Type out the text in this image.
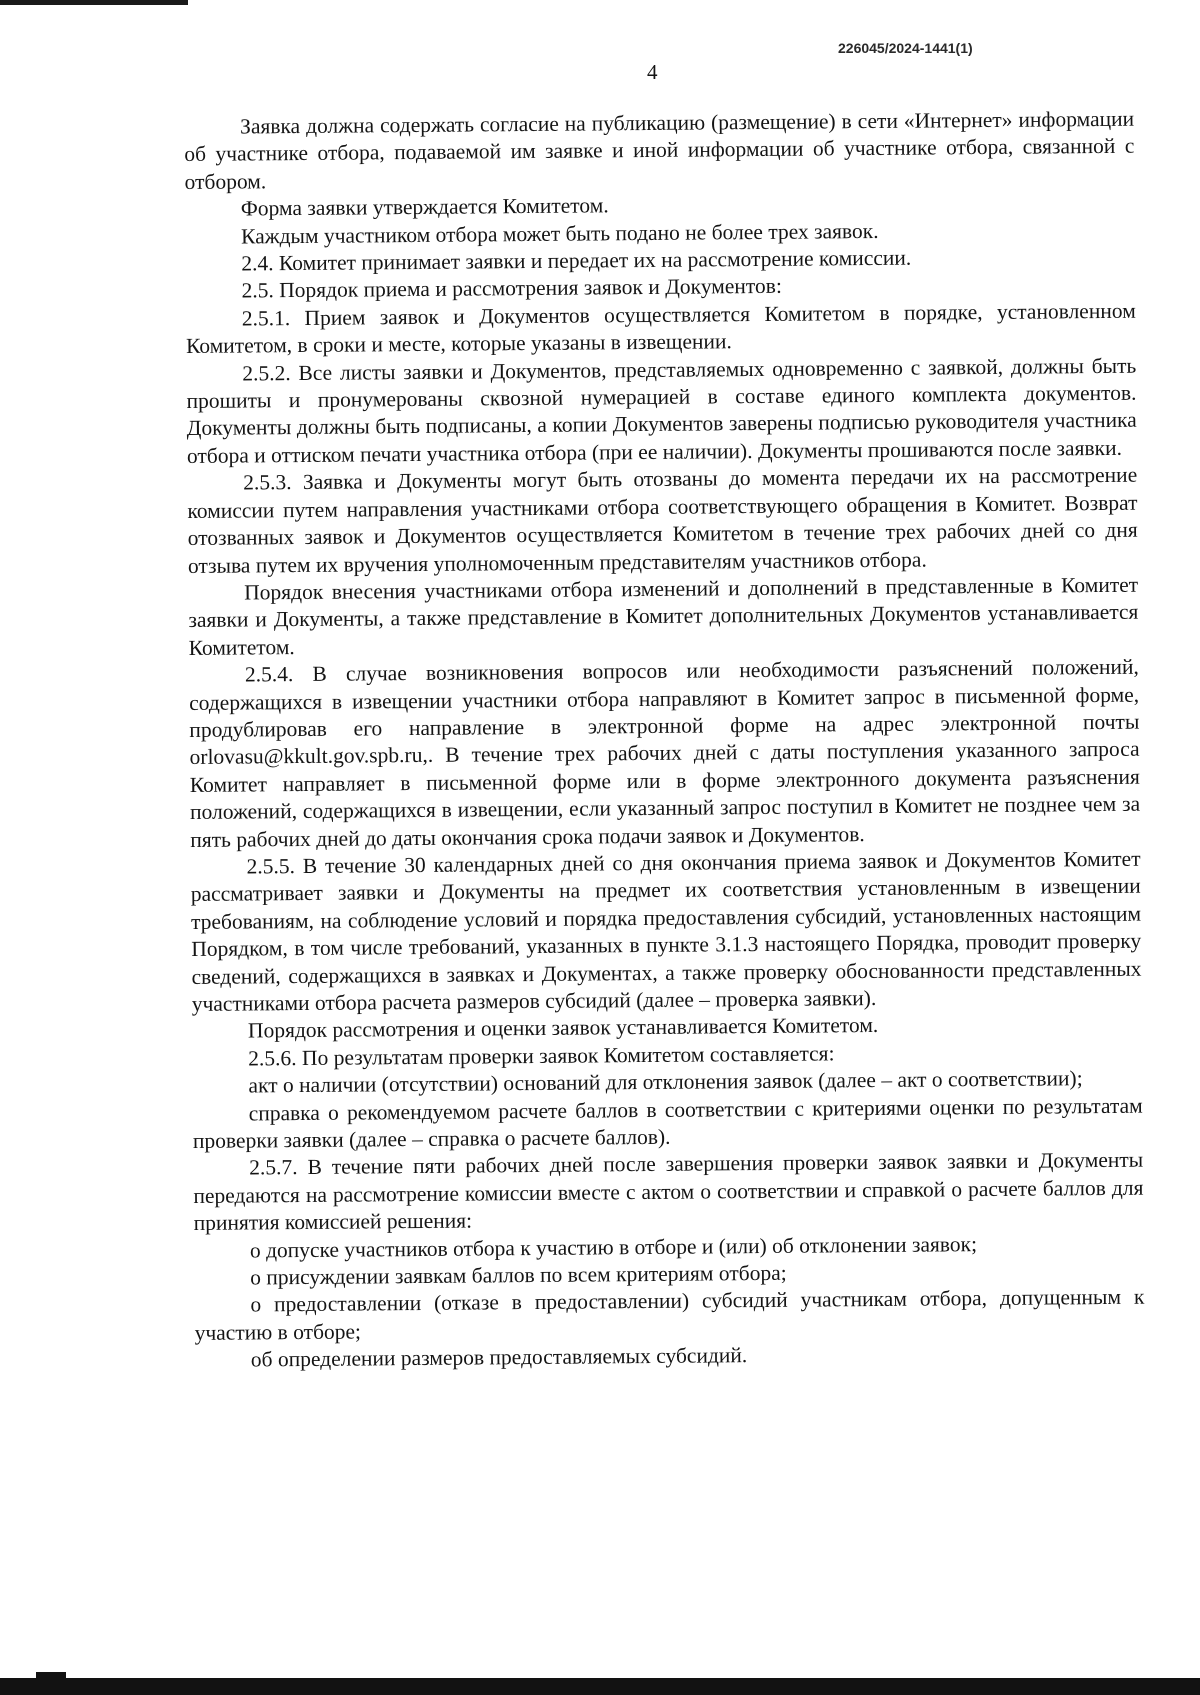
226045/2024-1441(1)
4

Заявка должна содержать согласие на публикацию (размещение) в сети «Интернет» информации об участнике отбора, подаваемой им заявке и иной информации об участнике отбора, связанной с отбором.

Форма заявки утверждается Комитетом.

Каждым участником отбора может быть подано не более трех заявок.

2.4. Комитет принимает заявки и передает их на рассмотрение комиссии.

2.5. Порядок приема и рассмотрения заявок и Документов:

2.5.1. Прием заявок и Документов осуществляется Комитетом в порядке, установленном Комитетом, в сроки и месте, которые указаны в извещении.

2.5.2. Все листы заявки и Документов, представляемых одновременно с заявкой, должны быть прошиты и пронумерованы сквозной нумерацией в составе единого комплекта документов. Документы должны быть подписаны, а копии Документов заверены подписью руководителя участника отбора и оттиском печати участника отбора (при ее наличии). Документы прошиваются после заявки.

2.5.3. Заявка и Документы могут быть отозваны до момента передачи их на рассмотрение комиссии путем направления участниками отбора соответствующего обращения в Комитет. Возврат отозванных заявок и Документов осуществляется Комитетом в течение трех рабочих дней со дня отзыва путем их вручения уполномоченным представителям участников отбора.

Порядок внесения участниками отбора изменений и дополнений в представленные в Комитет заявки и Документы, а также представление в Комитет дополнительных Документов устанавливается Комитетом.

2.5.4. В случае возникновения вопросов или необходимости разъяснений положений, содержащихся в извещении участники отбора направляют в Комитет запрос в письменной форме, продублировав его направление в электронной форме на адрес электронной почты orlovasu@kkult.gov.spb.ru,. В течение трех рабочих дней с даты поступления указанного запроса Комитет направляет в письменной форме или в форме электронного документа разъяснения положений, содержащихся в извещении, если указанный запрос поступил в Комитет не позднее чем за пять рабочих дней до даты окончания срока подачи заявок и Документов.

2.5.5. В течение 30 календарных дней со дня окончания приема заявок и Документов Комитет рассматривает заявки и Документы на предмет их соответствия установленным в извещении требованиям, на соблюдение условий и порядка предоставления субсидий, установленных настоящим Порядком, в том числе требований, указанных в пункте 3.1.3 настоящего Порядка, проводит проверку сведений, содержащихся в заявках и Документах, а также проверку обоснованности представленных участниками отбора расчета размеров субсидий (далее – проверка заявки).

Порядок рассмотрения и оценки заявок устанавливается Комитетом.

2.5.6. По результатам проверки заявок Комитетом составляется:

акт о наличии (отсутствии) оснований для отклонения заявок (далее – акт о соответствии);

справка о рекомендуемом расчете баллов в соответствии с критериями оценки по результатам проверки заявки (далее – справка о расчете баллов).

2.5.7. В течение пяти рабочих дней после завершения проверки заявок заявки и Документы передаются на рассмотрение комиссии вместе с актом о соответствии и справкой о расчете баллов для принятия комиссией решения:

о допуске участников отбора к участию в отборе и (или) об отклонении заявок;

о присуждении заявкам баллов по всем критериям отбора;

о предоставлении (отказе в предоставлении) субсидий участникам отбора, допущенным к участию в отборе;

об определении размеров предоставляемых субсидий.
